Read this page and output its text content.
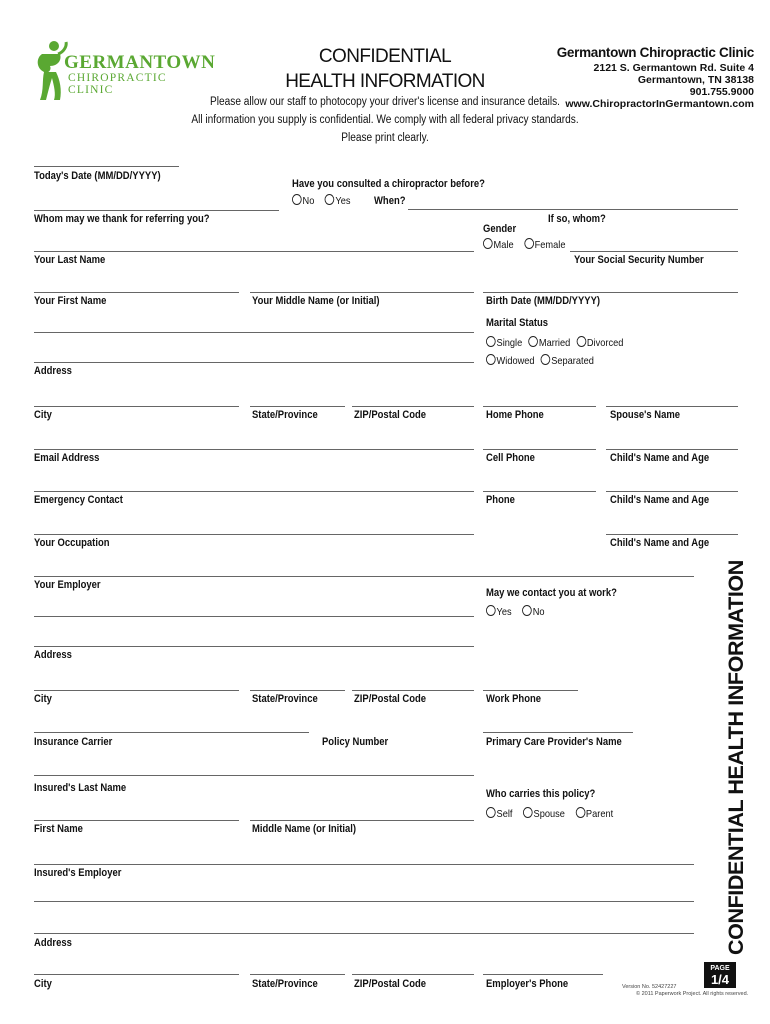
GERMANTOWN
CHIROPRACTIC CLINIC
CONFIDENTIAL
HEALTH INFORMATION
Germantown Chiropractic Clinic
2121 S. Germantown Rd. Suite 4
Germantown, TN 38138
901.755.9000
www.ChiropractorInGermantown.com
Please allow our staff to photocopy your driver's license and insurance details.
All information you supply is confidential. We comply with all federal privacy standards.
Please print clearly.
CONFIDENTIAL HEALTH INFORMATION
Today's Date (MM/DD/YYYY)
Have you consulted a chiropractor before?
No Yes When?
Whom may we thank for referring you?	If so, whom?
Gender
Male Female
Your Last Name	Your Social Security Number
Your First Name	Your Middle Name (or Initial)	Birth Date (MM/DD/YYYY)
Marital Status
Single Married Divorced
Widowed Separated
Address
City	State/Province	ZIP/Postal Code	Home Phone	Spouse's Name
Email Address	Cell Phone	Child's Name and Age
Emergency Contact	Phone	Child's Name and Age
Your Occupation	Child's Name and Age
Your Employer
May we contact you at work?
Yes No
Address
City	State/Province	ZIP/Postal Code	Work Phone
Insurance Carrier	Policy Number	Primary Care Provider's Name
Insured's Last Name	Who carries this policy?
Self Spouse Parent
First Name	Middle Name (or Initial)
Insured's Employer
Address
City	State/Province	ZIP/Postal Code	Employer's Phone
PAGE
1/4
Version No. 52427227
© 2011 Paperwork Project. All rights reserved.
